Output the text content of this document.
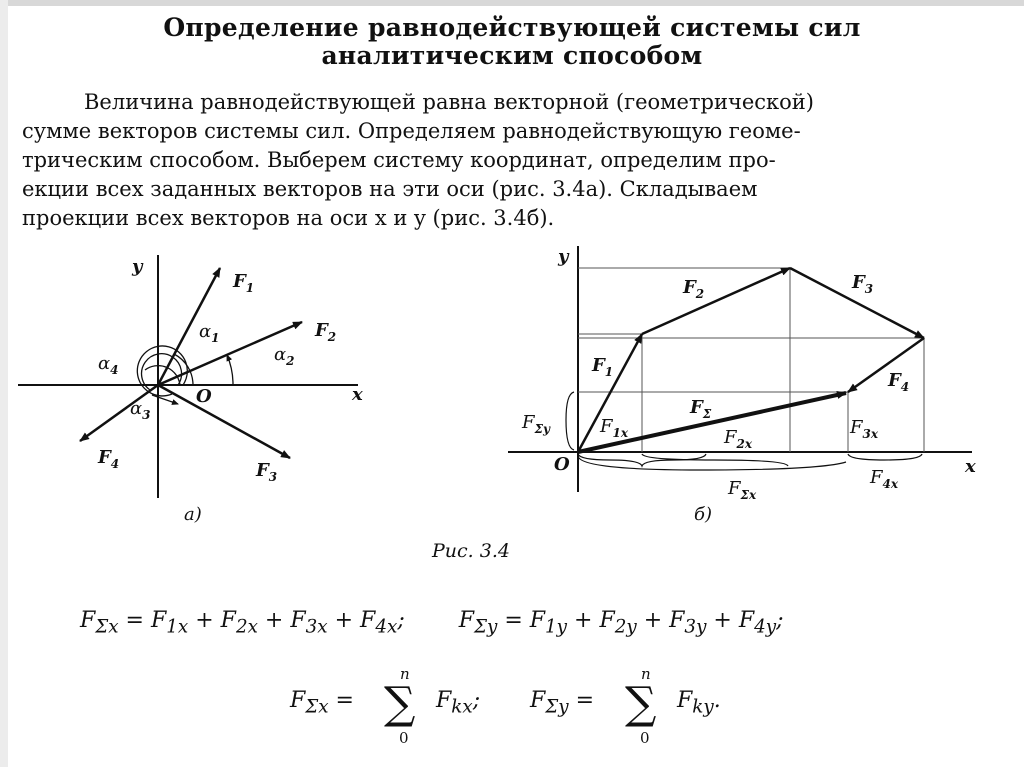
Определение равнодействующей системы сил
аналитическим способом

Величина равнодействующей равна векторной (геометрической)

сумме векторов системы сил. Определяем равнодействующую геоме-

трическим способом. Выберем систему координат, определим про-

екции всех заданных векторов на эти оси (рис. 3.4а). Складываем

проекции всех векторов на оси x и y (рис. 3.4б).

y
x
O
$F_1$
$F_2$
$F_3$
$F_4$
$\alpha_1$
$\alpha_2$
$\alpha_3$
$\alpha_4$
а)
y
x
O
$F_1$
$F_2$
$F_3$
$F_4$
$F_\Sigma$
$F_{1x}$	$F_{2x}$
$F_{3x}$
$F_{4x}$
$F_{\Sigma x}$
$F_{\Sigma y}$
б)
Рис. 3.4
n
∑
0
n
∑
0
$F_{\Sigma x} = F_{1x} + F_{2x} + F_{3x} + F_{4x}$; $F_{\Sigma y} = F_{1y} + F_{2y} + F_{3y} + F_{4y}$;
$F_{\Sigma x}$ =	$F_{kx}$; $F_{\Sigma y}$ =	$F_{ky}$.
